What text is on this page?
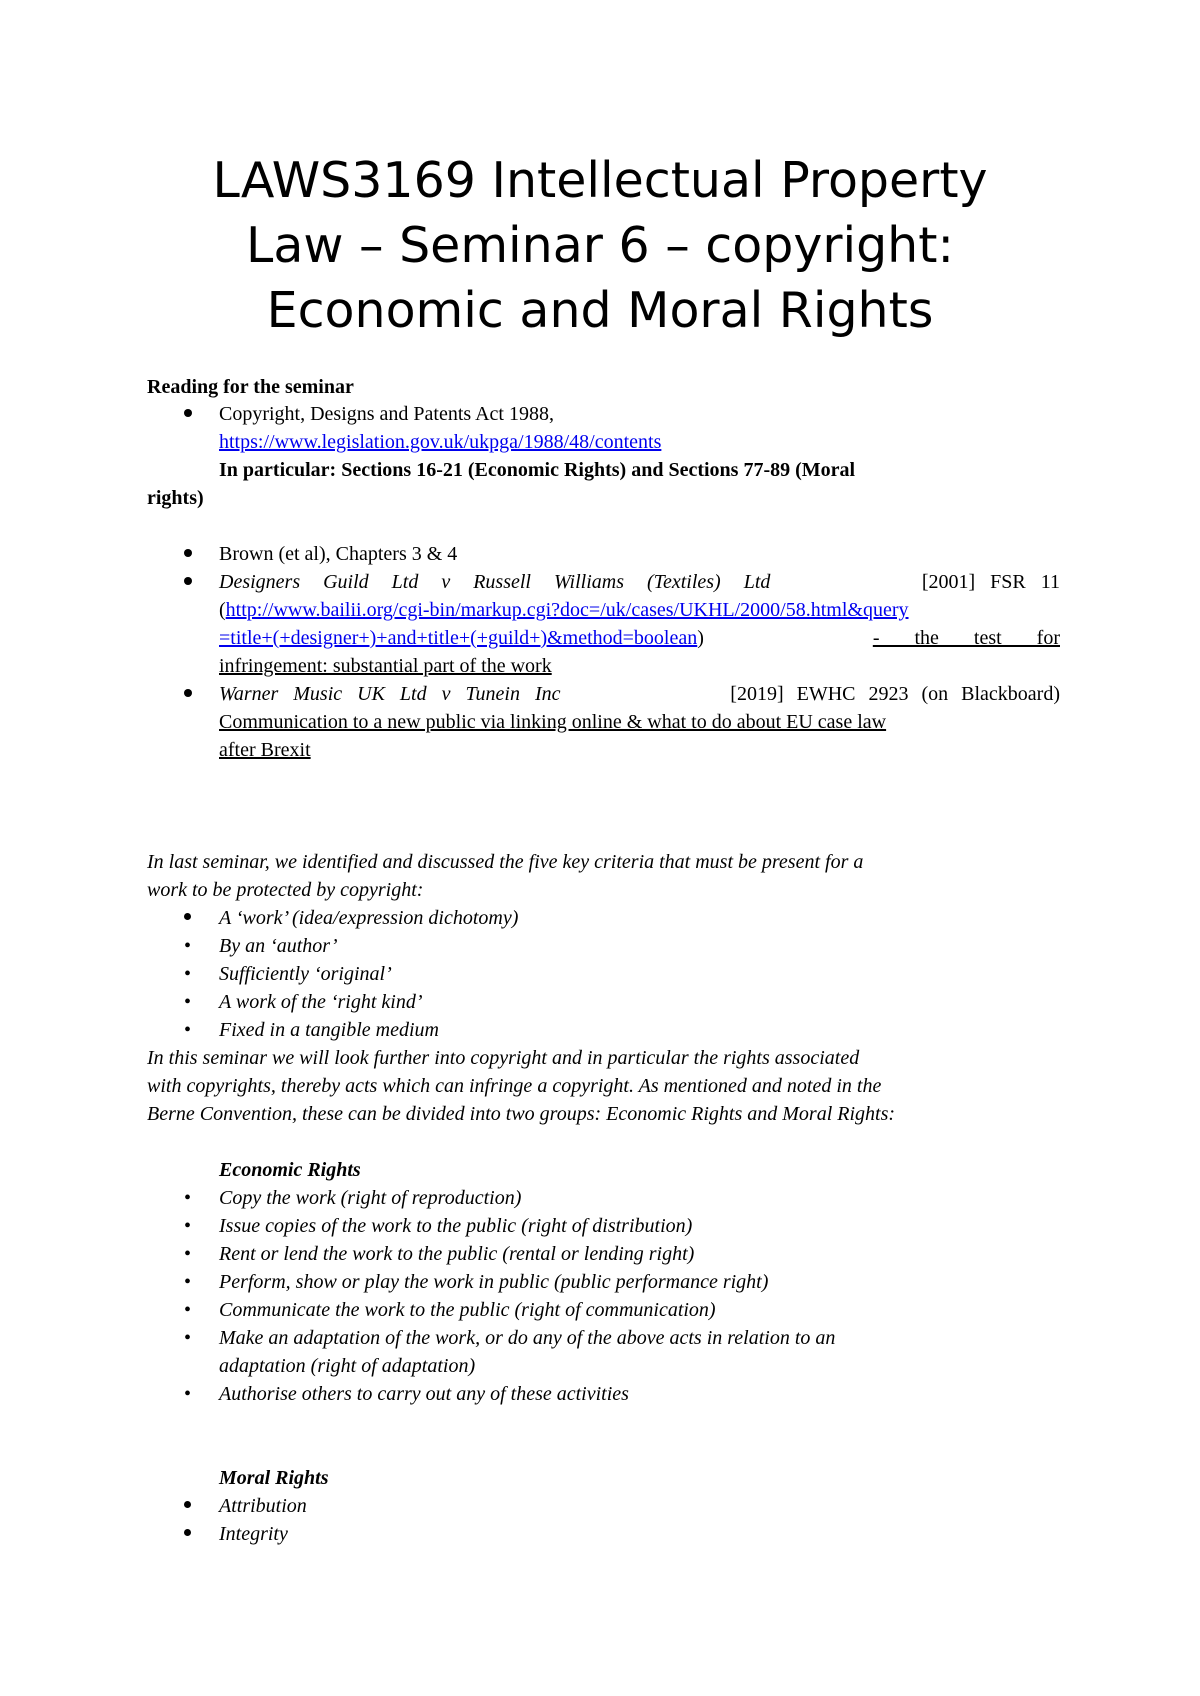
LAWS3169 Intellectual Property
Law – Seminar 6 – copyright:
Economic and Moral Rights
Reading for the seminar
Copyright, Designs and Patents Act 1988,
https://www.legislation.gov.uk/ukpga/1988/48/contents
In particular: Sections 16-21 (Economic Rights) and Sections 77-89 (Moral
rights)
Brown (et al), Chapters 3 & 4
Designers Guild Ltd v Russell Williams (Textiles) Ltd	[2001] FSR 11
(http://www.bailii.org/cgi-bin/markup.cgi?doc=/uk/cases/UKHL/2000/58.html&query
=title+(+designer+)+and+title+(+guild+)&method=boolean)	- the test for
infringement: substantial part of the work
Warner Music UK Ltd v Tunein Inc	[2019] EWHC 2923 (on Blackboard)
Communication to a new public via linking online & what to do about EU case law
after Brexit
In last seminar, we identified and discussed the five key criteria that must be present for a
work to be protected by copyright:
A ‘work’ (idea/expression dichotomy)
• By an ‘author’
• Sufficiently ‘original’
• A work of the ‘right kind’
• Fixed in a tangible medium
In this seminar we will look further into copyright and in particular the rights associated
with copyrights, thereby acts which can infringe a copyright. As mentioned and noted in the
Berne Convention, these can be divided into two groups: Economic Rights and Moral Rights:
Economic Rights
• Copy the work (right of reproduction)
• Issue copies of the work to the public (right of distribution)
• Rent or lend the work to the public (rental or lending right)
• Perform, show or play the work in public (public performance right)
• Communicate the work to the public (right of communication)
• Make an adaptation of the work, or do any of the above acts in relation to an
adaptation (right of adaptation)
• Authorise others to carry out any of these activities
Moral Rights
Attribution
Integrity
